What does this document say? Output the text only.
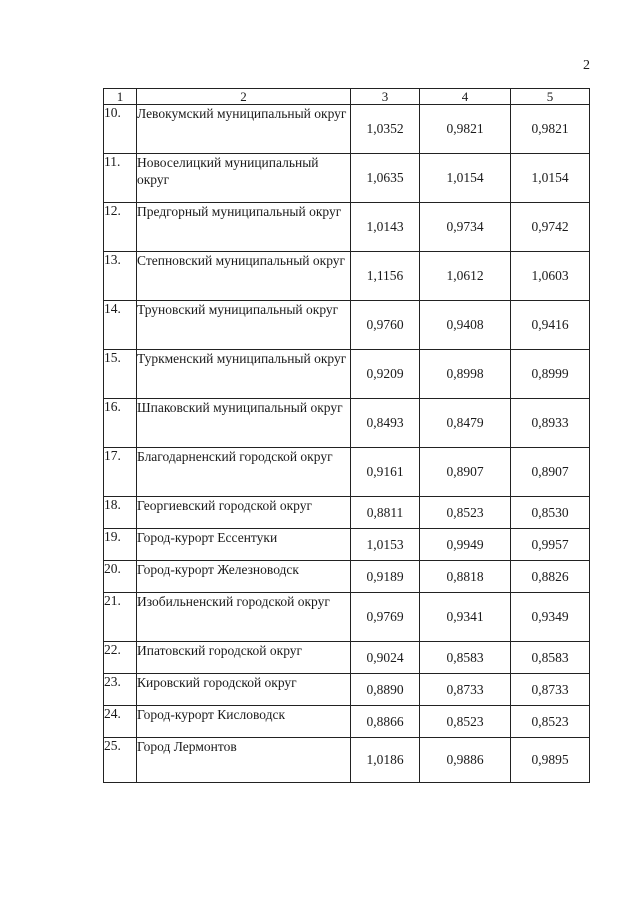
2
1	2	3	4	5
10.	Левокумский муниципальный округ	1,0352	0,9821	0,9821
11.	Новоселицкий муниципальный округ	1,0635	1,0154	1,0154
12.	Предгорный муниципальный округ	1,0143	0,9734	0,9742
13.	Степновский муниципальный округ	1,1156	1,0612	1,0603
14.	Труновский муниципальный округ	0,9760	0,9408	0,9416
15.	Туркменский муниципальный округ	0,9209	0,8998	0,8999
16.	Шпаковский муниципальный округ	0,8493	0,8479	0,8933
17.	Благодарненский городской округ	0,9161	0,8907	0,8907
18.	Георгиевский городской округ	0,8811	0,8523	0,8530
19.	Город-курорт Ессентуки	1,0153	0,9949	0,9957
20.	Город-курорт Железноводск	0,9189	0,8818	0,8826
21.	Изобильненский городской округ	0,9769	0,9341	0,9349
22.	Ипатовский городской округ	0,9024	0,8583	0,8583
23.	Кировский городской округ	0,8890	0,8733	0,8733
24.	Город-курорт Кисловодск	0,8866	0,8523	0,8523
25.	Город Лермонтов	1,0186	0,9886	0,9895
